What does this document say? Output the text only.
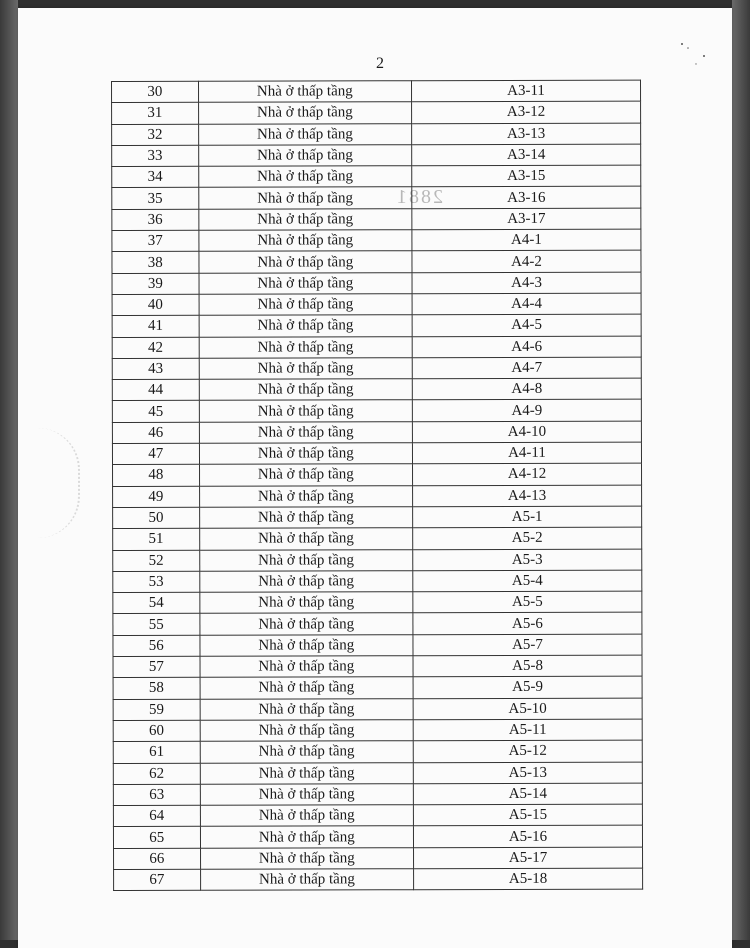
2
2881
30	Nhà ở thấp tầng	A3-11
31	Nhà ở thấp tầng	A3-12
32	Nhà ở thấp tầng	A3-13
33	Nhà ở thấp tầng	A3-14
34	Nhà ở thấp tầng	A3-15
35	Nhà ở thấp tầng	A3-16
36	Nhà ở thấp tầng	A3-17
37	Nhà ở thấp tầng	A4-1
38	Nhà ở thấp tầng	A4-2
39	Nhà ở thấp tầng	A4-3
40	Nhà ở thấp tầng	A4-4
41	Nhà ở thấp tầng	A4-5
42	Nhà ở thấp tầng	A4-6
43	Nhà ở thấp tầng	A4-7
44	Nhà ở thấp tầng	A4-8
45	Nhà ở thấp tầng	A4-9
46	Nhà ở thấp tầng	A4-10
47	Nhà ở thấp tầng	A4-11
48	Nhà ở thấp tầng	A4-12
49	Nhà ở thấp tầng	A4-13
50	Nhà ở thấp tầng	A5-1
51	Nhà ở thấp tầng	A5-2
52	Nhà ở thấp tầng	A5-3
53	Nhà ở thấp tầng	A5-4
54	Nhà ở thấp tầng	A5-5
55	Nhà ở thấp tầng	A5-6
56	Nhà ở thấp tầng	A5-7
57	Nhà ở thấp tầng	A5-8
58	Nhà ở thấp tầng	A5-9
59	Nhà ở thấp tầng	A5-10
60	Nhà ở thấp tầng	A5-11
61	Nhà ở thấp tầng	A5-12
62	Nhà ở thấp tầng	A5-13
63	Nhà ở thấp tầng	A5-14
64	Nhà ở thấp tầng	A5-15
65	Nhà ở thấp tầng	A5-16
66	Nhà ở thấp tầng	A5-17
67	Nhà ở thấp tầng	A5-18
